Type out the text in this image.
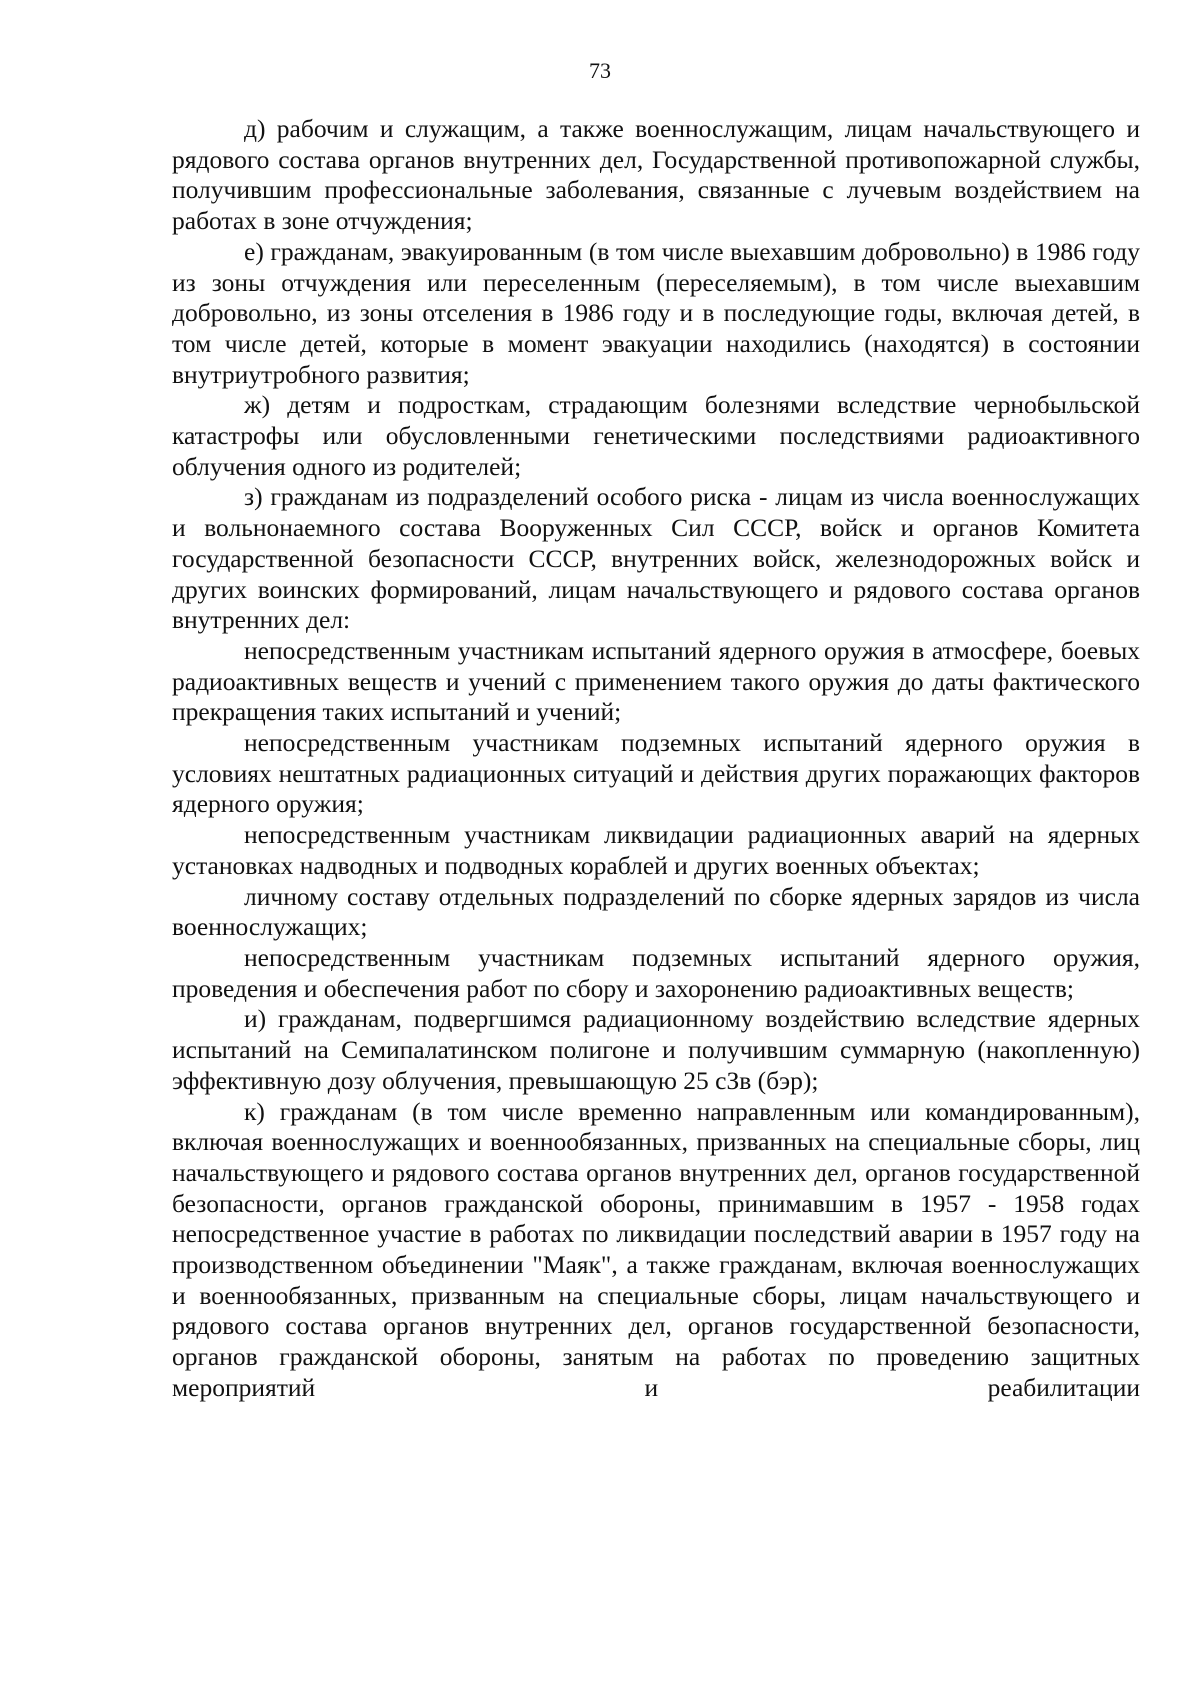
73

д) рабочим и служащим, а также военнослужащим, лицам начальствующего и рядового состава органов внутренних дел, Государственной противопожарной службы, получившим профессиональные заболевания, связанные с лучевым воздействием на работах в зоне отчуждения;

е) гражданам, эвакуированным (в том числе выехавшим добровольно) в 1986 году из зоны отчуждения или переселенным (переселяемым), в том числе выехавшим добровольно, из зоны отселения в 1986 году и в последующие годы, включая детей, в том числе детей, которые в момент эвакуации находились (находятся) в состоянии внутриутробного развития;

ж) детям и подросткам, страдающим болезнями вследствие чернобыльской катастрофы или обусловленными генетическими последствиями радиоактивного облучения одного из родителей;

з) гражданам из подразделений особого риска - лицам из числа военнослужащих и вольнонаемного состава Вооруженных Сил СССР, войск и органов Комитета государственной безопасности СССР, внутренних войск, железнодорожных войск и других воинских формирований, лицам начальствующего и рядового состава органов внутренних дел:

непосредственным участникам испытаний ядерного оружия в атмосфере, боевых радиоактивных веществ и учений с применением такого оружия до даты фактического прекращения таких испытаний и учений;

непосредственным участникам подземных испытаний ядерного оружия в условиях нештатных радиационных ситуаций и действия других поражающих факторов ядерного оружия;

непосредственным участникам ликвидации радиационных аварий на ядерных установках надводных и подводных кораблей и других военных объектах;

личному составу отдельных подразделений по сборке ядерных зарядов из числа военнослужащих;

непосредственным участникам подземных испытаний ядерного оружия, проведения и обеспечения работ по сбору и захоронению радиоактивных веществ;

и) гражданам, подвергшимся радиационному воздействию вследствие ядерных испытаний на Семипалатинском полигоне и получившим суммарную (накопленную) эффективную дозу облучения, превышающую 25 сЗв (бэр);

к) гражданам (в том числе временно направленным или командированным), включая военнослужащих и военнообязанных, призванных на специальные сборы, лиц начальствующего и рядового состава органов внутренних дел, органов государственной безопасности, органов гражданской обороны, принимавшим в 1957 - 1958 годах непосредственное участие в работах по ликвидации последствий аварии в 1957 году на производственном объединении "Маяк", а также гражданам, включая военнослужащих и военнообязанных, призванным на специальные сборы, лицам начальствующего и рядового состава органов внутренних дел, органов государственной безопасности, органов гражданской обороны, занятым на работах по проведению защитных мероприятий и реабилитации
